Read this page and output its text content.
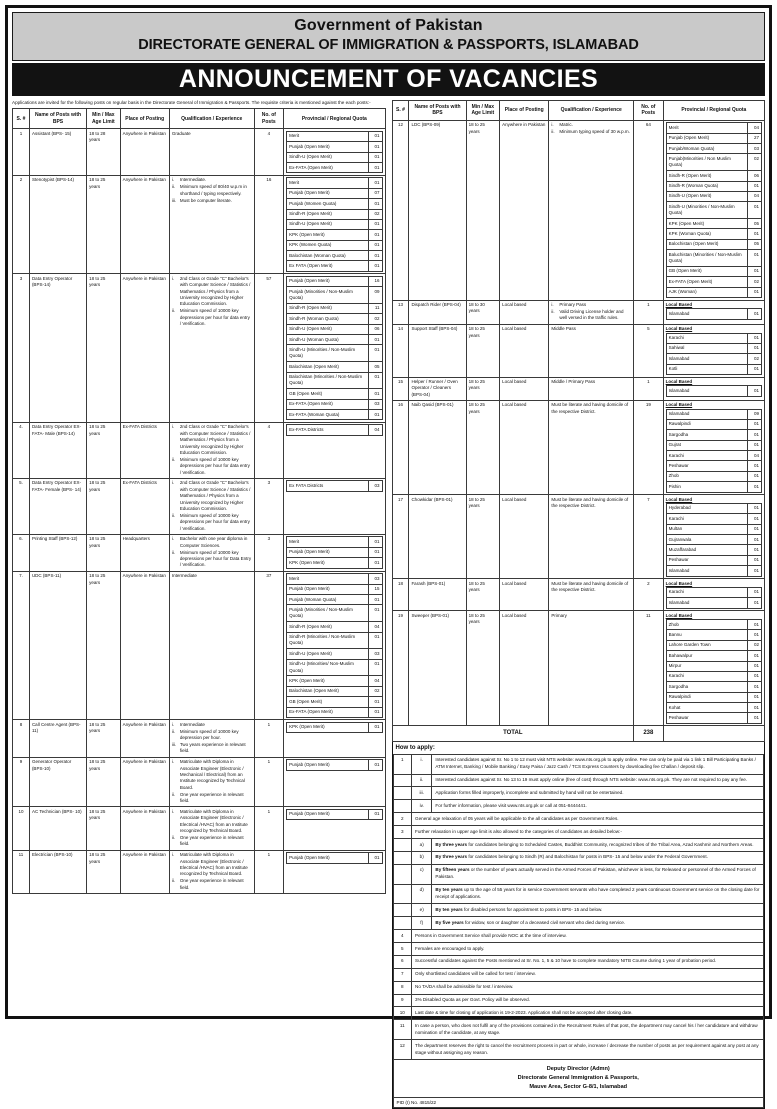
Government of Pakistan
DIRECTORATE GENERAL OF IMMIGRATION & PASSPORTS, ISLAMABAD
ANNOUNCEMENT OF VACANCIES
Applications are invited for the following posts on regular basis in the Directorate General of Immigration & Passports. The requisite criteria is mentioned against the each posts:-
S. #	Name of Posts with BPS	Min / Max Age Limit	Place of Posting	Qualification / Experience	No. of Posts	Provincial / Regional Quota
1	Assistant (BPS- 15)	18 to 28 years	Anywhere in Pakistan	Graduate	4		Merit	01
Punjab (Open Merit)	01
Sindh-U (Open Merit)	01
Ex-FATA (Open Merit)	01

2	Stenotypist (BPS-14)	18 to 25 years	Anywhere in Pakistan	i.	Intermediate.
ii.	Minimum speed of 80/40 w.p.m in shorthand / typing respectively.
iii. Must be computer literate.
	16		Merit	01
Punjab (Open Merit)	07
Punjab (Women Quota)	01
Sindh-R (Open Merit)	02
Sindh-U (Open Merit)	01
KPK (Open Merit)	01
KPK (Women Quota)	01
Balochistan (Woman Quota)	01
Ex FATA (Open Merit)	01

3	Data Entry Operator (BPS-14)	18 to 25 years	Anywhere in Pakistan	i.	2nd Class or Grade "C" Bachelor's with Computer Science / Statistics / Mathematics / Physics from a University recognized by Higher Education Commission.
ii.	Minimum speed of 10000 key depressions per hour for data entry / Verification.
	57		Punjab (Open Merit)	16
Punjab (Minorities / Non-Muslim Quota)	09
Sindh-R (Open Merit)	11
Sindh-R (Woman Quota)	02
Sindh-U (Open Merit)	06
Sindh-U (Woman Quota)	01
Sindh-U (Minorities / Non-Muslim Quota)	01
Balochistan (Open Merit)	05
Balochistan (Minorities / Non-Muslim Quota)	01
GB (Open Merit)	01
Ex-FATA (Open Merit)	03
Ex-FATA (Woman Quota)	01

4.	Data Entry Operator EX-FATA- Male (BPS-14)	18 to 25 years	Ex-FATA Districts	i.	2nd Class or Grade "C" Bachelor's with Computer Science / Statistics / Mathematics / Physics from a University recognized by Higher Education Commission.
ii.	Minimum speed of 10000 key depressions per hour for data entry / Verification.
	4		Ex-FATA Districts	04

5.	Data Entry Operator EX-FATA- Female (BPS- 14)	18 to 25 years	Ex-FATA Districts	i.	2nd Class or Grade "C" Bachelor's with Computer Science / Statistics / Mathematics / Physics from a University recognized by Higher Education Commission.
ii.	Minimum speed of 10000 key depressions per hour for data entry / Verification.
	3		Ex FATA Districts	03

6.	Printing Staff (BPS-12)	18 to 25 years	Headquarters	i.	Bachelor with one year diploma in Computer Sciences.
ii.	Minimum speed of 10000 key depressions per hour for Data Entry / Verification.
	3		Merit	01
Punjab (Open Merit)	01
KPK (Open Merit)	01

7.	UDC (BPS-11)	18 to 25 years	Anywhere in Pakistan	Intermediate	37		Merit	03
Punjab (Open Merit)	15
Punjab (Woman Quota)	01
Punjab (Minorities / Non-Muslim Quota)	01
Sindh-R (Open Merit)	04
Sindh-R (Minorities / Non-Muslim Quota)	01
Sindh-U (Open Merit)	03
Sindh-U (Minorities/ Non-Muslim Quota)	01
KPK (Open Merit)	04
Balochistan (Open Merit)	02
GB (Open Merit)	01
Ex-FATA (Open Merit)	01

8	Call Centre Agent (BPS-11)	18 to 25 years	Anywhere in Pakistan	i.	Intermediate
ii.	Minimum speed of 10000 key depression per hour.
iii. Two years experience in relevant field.
	1		KPK (Open Merit)	01

9	Generator Operator (BPS-10)	18 to 25 years	Anywhere in Pakistan	i.	Matriculate with Diploma in Associate Engineer (Electronic / Mechanical / Electrical) from an Institute recognized by Technical Board.
ii.	One year experience in relevant field.
	1		Punjab (Open Merit)	01

10	AC Technician (BPS- 10)	18 to 25 years	Anywhere in Pakistan	i.	Matriculate with Diploma in Associate Engineer (Electronic / Electrical /HVAC) from an Institute recognized by Technical Board.
ii.	One year experience in relevant field.
	1		Punjab (Open Merit)	01

11	Electrician (BPS-10)	18 to 25 years	Anywhere in Pakistan	i.	Matriculate with Diploma in Associate Engineer (Electronic / Electrical /HVAC) from an Institute recognized by Technical Board.
ii.	One year experience in relevant field.
	1		Punjab (Open Merit)	01
S. #	Name of Posts with BPS	Min / Max Age Limit	Place of Posting	Qualification / Experience	No. of Posts	Provincial / Regional Quota
12	LDC (BPS-09)	18 to 25 years	Anywhere in Pakistan	i.	Matric.
ii.	Minimum typing speed of 30 w.p.m.
	64		Merit	04
Punjab (Open Merit)	27
Punjab/Woman Quota)	03
Punjab(Minorities / Non Muslim Quota)	02
Sindh-R (Open Merit)	06
Sindh-R (Woman Quota)	01
Sindh-U (Open Merit)	04
Sindh-U (Minorities / Non-Muslim Quota)	01
KPK (Open Merit)	05
KPK (Woman Quota)	01
Balochistan (Open Merit)	05
Baluchistan (Minorities / Non-Muslim Quota)	01
GB (Open Merit)	01
Ex-FATA (Open Merit)	02
AJK (Woman)	01

13	Dispatch Rider (BPS-04)	18 to 30 years	Local based	i.	Primary Pass
ii.	Valid Driving License holder and well versed in the traffic rules.
	1	Local Based
Islamabad	01

14	Support Staff (BPS-04)	18 to 25 years	Local based	Middle Pass	5	Local Based
Karachi	01
Sahiwal	01
Islamabad	02
Kotli	01

15	Helper / Runner / Oven Operator / Cleaners (BPS-04)	18 to 25 years	Local based	Middle / Primary Pass	1	Local Based
Islamabad	01

16	Naib Qasid (BPS-01)	18 to 25 years	Local based	Must be literate and having domicile of the respective District.	19	Local Based
Islamabad	09
Rawalpindi	01
Sargodha	01
Gujrat	01
Karachi	04
Peshawar	01
Zhob	01
Pishin	01

17	Chowkidar (BPS-01)	18 to 25 years	Local based	Must be literate and having domicile of the respective District.	7	Local Based
Hyderabad	01
Karachi	01
Multan	01
Gujranwala	01
Muzaffarabad	01
Peshawar	01
Islamabad	01

18	Farash (BPS-01)	18 to 25 years	Local based	Must be literate and having domicile of the respective District.	2	Local Based
Karachi	01
Islamabad	01

19	Sweeper (BPS-01)	18 to 25 years	Local based	Primary	11	Local Based
Zhob	01
Bannu	01
Lahore Garden Town	02
Bahawalpur	01
Mirpur	01
Karachi	01
Sargodha	01
Rawalpindi	01
Kohat	01
Peshawar	01

TOTAL	238	
How to apply:
1	i.	Interested candidates against Sr. No 1 to 12 must visit NTS website: www.nts.org.pk to apply online. Fee can only be paid via 1 link 1 Bill Participating Banks / ATM Internet, Banking / Mobile Banking / Easy Paisa / Jazz Cash / TCS Express Counters by downloading fee Challan / deposit slip.
	ii.	Interested candidates against Sr. No 13 to 19 must apply online (free of cost) through NTS website: www.nts.org.pk. They are not required to pay any fee.
	iii.	Application forms filled improperly, incomplete and submitted by hand will not be entertained.
	iv.	For further information, please visit www.nts.org.pk or call at 051-8444441.
2	General age relaxation of 05 years will be applicable to the all candidates as per Government Rules.	
3	Further relaxation in upper age limit is also allowed to the categories of candidates as detailed below:-	
	a)	By three years for candidates belonging to Scheduled Castes, Buddhist Community, recognized tribes of the Tribal Area, Azad Kashmir and Northern Areas.
	b)	By three years for candidates belonging to Sindh (R) and Balochistan for posts in BPS- 15 and below under the Federal Government.
	c)	By fifteen years or the number of years actually served in the Armed Forces of Pakistan, whichever is less, for Released or personnel of the Armed Forces of Pakistan.
	d)	By ten years up to the age of 55 years for in service Government servants who have completed 2 years continuous Government service on the closing date for receipt of applications.
	e)	By ten years for disabled persons for appointment to posts in BPS- 15 and below.
	f)	By five years for widow, son or daughter of a deceased civil servant who died during service.
4	Persons in Government Service shall provide NOC at the time of interview.	
5	Females are encouraged to apply.	
6	Successful candidates against the Posts mentioned at Sr. No. 1, 5 & 10 have to complete mandatory NITB Course during 1 year of probation period.	
7	Only shortlisted candidates will be called for test / interview.	
8	No TA/DA shall be admissible for test / interview.	
9	3% Disabled Quota as per Govt. Policy will be observed.	
10	Last date & time for closing of application is 19-2-2023. Application shall not be accepted after closing date.	
11	In case a person, who does not fulfil any of the provisions contained in the Recruitment Rules of that post, the department may cancel his / her candidature and withdraw nomination of the candidate, at any stage.	
12	The department reserves the right to cancel the recruitment process in part or whole, increase / decrease the number of posts as per requirement against any post at any stage without assigning any reason.	
Deputy Director (Admn)
Directorate General Immigration & Passports,
Mauve Area, Sector G-8/1, Islamabad
PID (I) No. 4815/22
